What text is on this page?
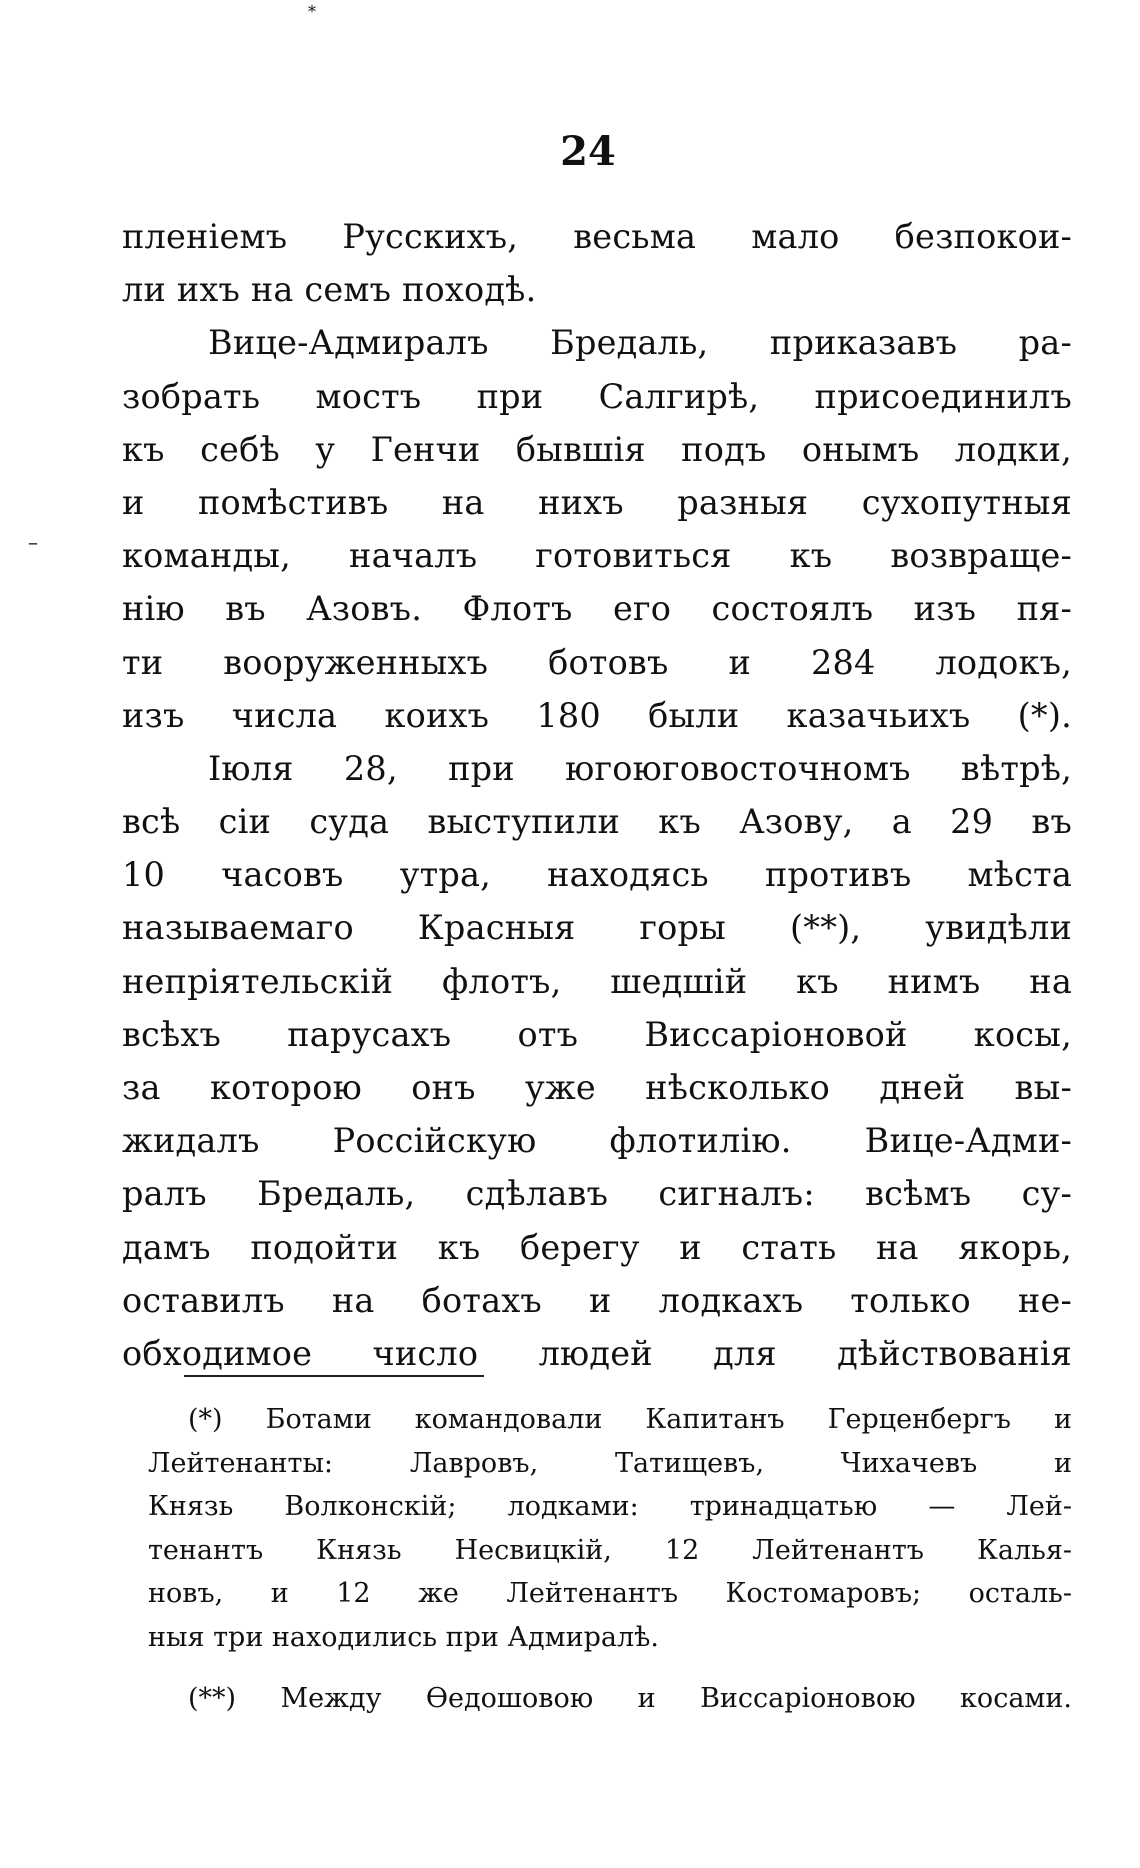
*
–
24
пленіемъ Русскихъ, весьма мало безпокои-
ли ихъ на семъ походѣ.
Вице-Адмиралъ Бредаль, приказавъ ра-
зобрать мостъ при Салгирѣ, присоединилъ
къ себѣ у Генчи бывшія подъ онымъ лодки,
и помѣстивъ на нихъ разныя сухопутныя
команды, началъ готовиться къ возвраще-
нію въ Азовъ. Флотъ его состоялъ изъ пя-
ти вооруженныхъ ботовъ и 284 лодокъ,
изъ числа коихъ 180 были казачьихъ (*).
Іюля 28, при югоюговосточномъ вѣтрѣ,
всѣ сіи суда выступили къ Азову, а 29 въ
10 часовъ утра, находясь противъ мѣста
называемаго Красныя горы (**), увидѣли
непріятельскій флотъ, шедшій къ нимъ на
всѣхъ парусахъ отъ Виссаріоновой косы,
за которою онъ уже нѣсколько дней вы-
жидалъ Россійскую флотилію. Вице-Адми-
ралъ Бредаль, сдѣлавъ сигналъ: всѣмъ су-
дамъ подойти къ берегу и стать на якорь,
оставилъ на ботахъ и лодкахъ только не-
обходимое число людей для дѣйствованія
(*) Ботами командовали Капитанъ Герценбергъ и
Лейтенанты: Лавровъ, Татищевъ, Чихачевъ и
Князь Волконскій; лодками: тринадцатью — Лей-
тенантъ Князь Несвицкій, 12 Лейтенантъ Калья-
новъ, и 12 же Лейтенантъ Костомаровъ; осталь-
ныя три находились при Адмиралѣ.
(**) Между Ѳедошовою и Виссаріоновою косами.
